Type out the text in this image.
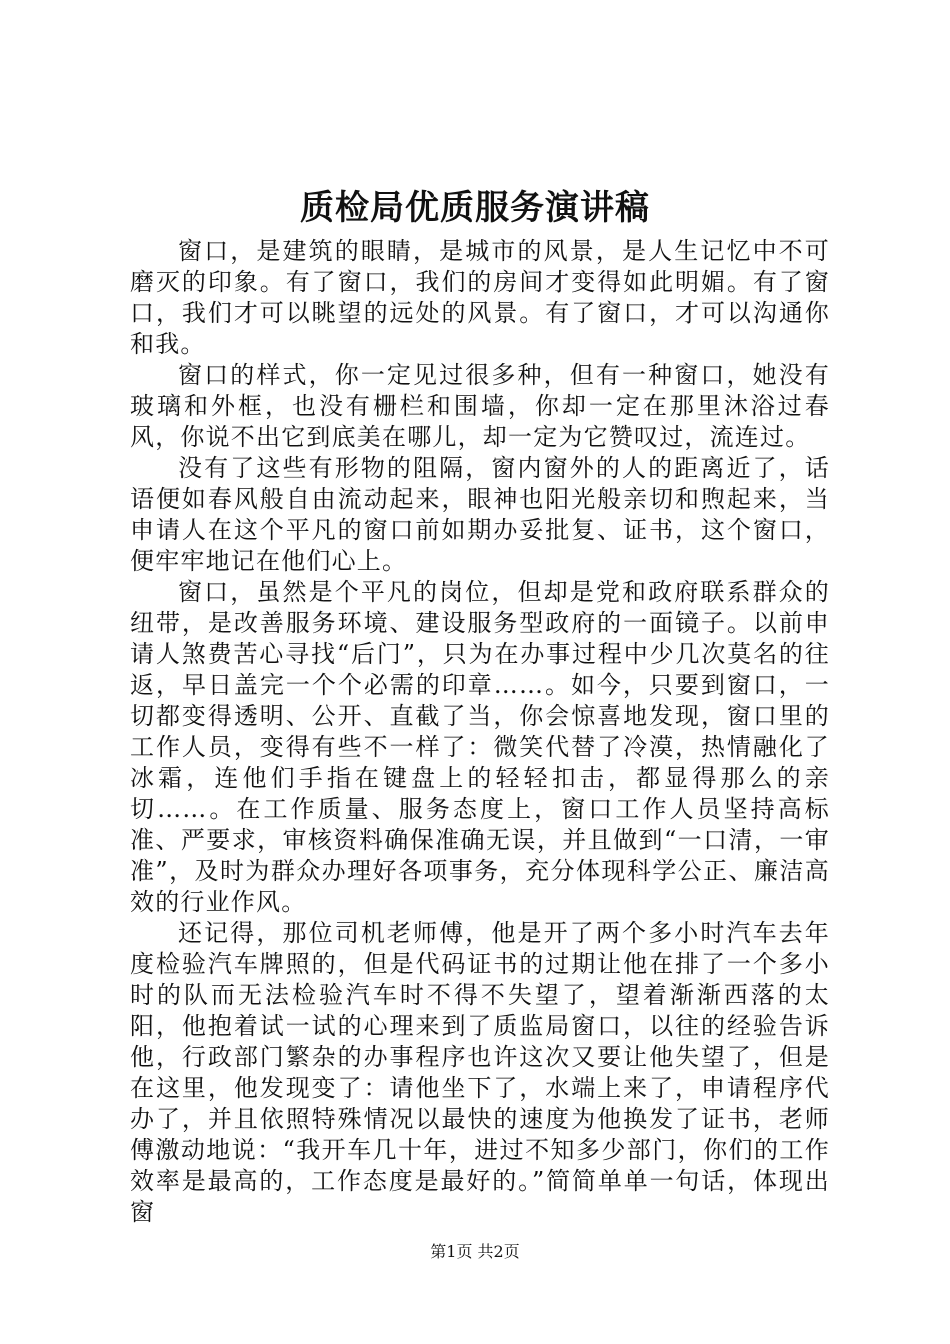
质检局优质服务演讲稿

窗口，是建筑的眼睛，是城市的风景，是人生记忆中不可磨灭的印象。有了窗口，我们的房间才变得如此明媚。有了窗口，我们才可以眺望的远处的风景。有了窗口，才可以沟通你和我。

窗口的样式，你一定见过很多种，但有一种窗口，她没有玻璃和外框，也没有栅栏和围墙，你却一定在那里沐浴过春风，你说不出它到底美在哪儿，却一定为它赞叹过，流连过。

没有了这些有形物的阻隔，窗内窗外的人的距离近了，话语便如春风般自由流动起来，眼神也阳光般亲切和煦起来，当申请人在这个平凡的窗口前如期办妥批复、证书，这个窗口，便牢牢地记在他们心上。

窗口，虽然是个平凡的岗位，但却是党和政府联系群众的纽带，是改善服务环境、建设服务型政府的一面镜子。以前申请人煞费苦心寻找“后门”，只为在办事过程中少几次莫名的往返，早日盖完一个个必需的印章……。如今，只要到窗口，一切都变得透明、公开、直截了当，你会惊喜地发现，窗口里的工作人员，变得有些不一样了：微笑代替了冷漠，热情融化了冰霜，连他们手指在键盘上的轻轻扣击，都显得那么的亲切……。在工作质量、服务态度上，窗口工作人员坚持高标准、严要求，审核资料确保准确无误，并且做到“一口清，一审准”，及时为群众办理好各项事务，充分体现科学公正、廉洁高效的行业作风。

还记得，那位司机老师傅，他是开了两个多小时汽车去年度检验汽车牌照的，但是代码证书的过期让他在排了一个多小时的队而无法检验汽车时不得不失望了，望着渐渐西落的太阳，他抱着试一试的心理来到了质监局窗口，以往的经验告诉他，行政部门繁杂的办事程序也许这次又要让他失望了，但是在这里，他发现变了：请他坐下了，水端上来了，申请程序代办了，并且依照特殊情况以最快的速度为他换发了证书，老师傅激动地说：“我开车几十年，进过不知多少部门，你们的工作效率是最高的，工作态度是最好的。”简简单单一句话，体现出窗

第1页 共2页
